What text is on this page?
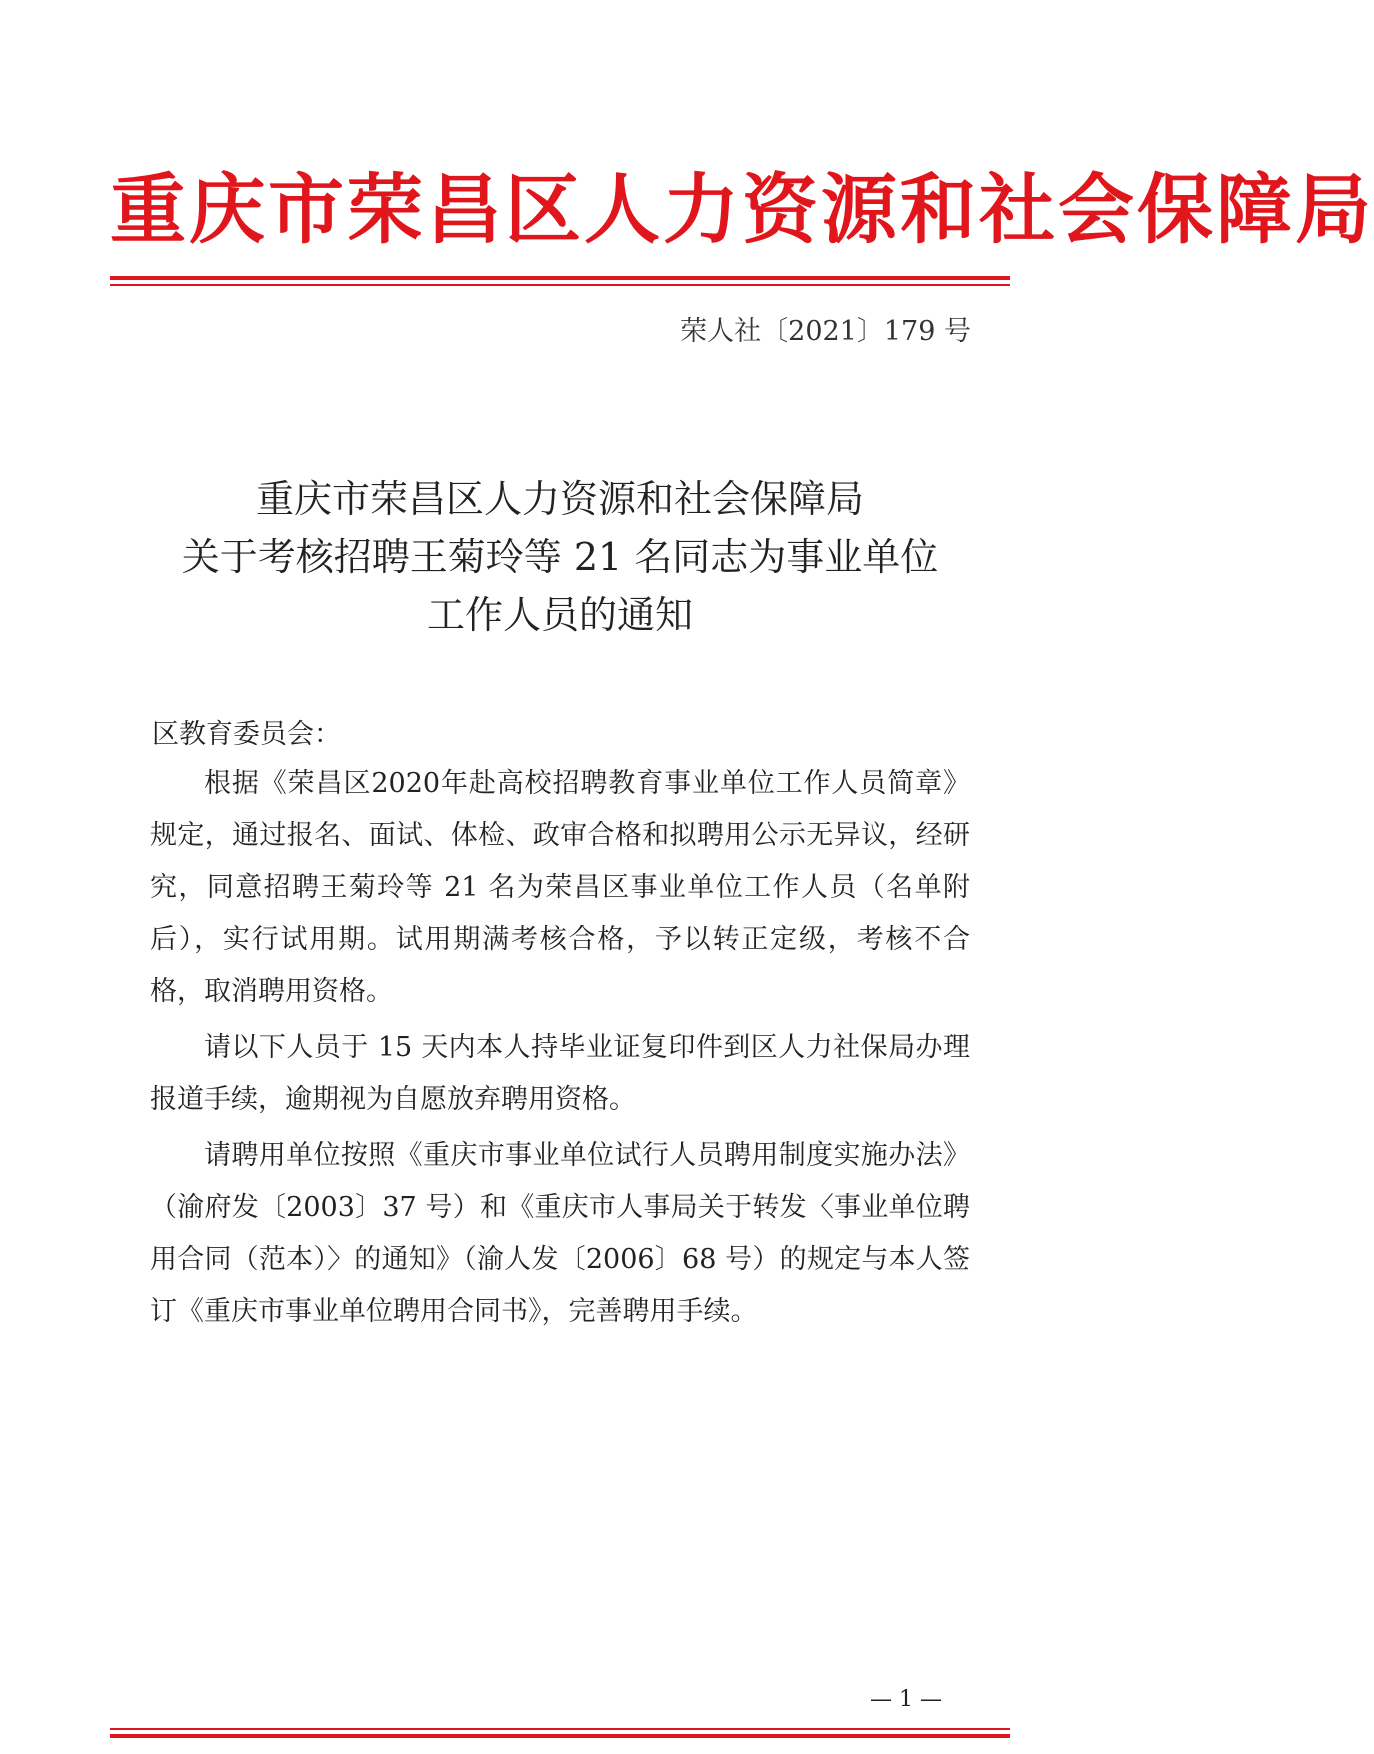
重庆市荣昌区人力资源和社会保障局
荣人社〔2021〕179 号
重庆市荣昌区人力资源和社会保障局
关于考核招聘王菊玲等 21 名同志为事业单位
工作人员的通知
区教育委员会：

根据《荣昌区2020年赴高校招聘教育事业单位工作人员简章》规定，通过报名、面试、体检、政审合格和拟聘用公示无异议，经研究，同意招聘王菊玲等 21 名为荣昌区事业单位工作人员（名单附后），实行试用期。试用期满考核合格，予以转正定级，考核不合格，取消聘用资格。

请以下人员于 15 天内本人持毕业证复印件到区人力社保局办理报道手续，逾期视为自愿放弃聘用资格。

请聘用单位按照《重庆市事业单位试行人员聘用制度实施办法》（渝府发〔2003〕37 号）和《重庆市人事局关于转发〈事业单位聘用合同（范本）〉的通知》（渝人发〔2006〕68 号）的规定与本人签订《重庆市事业单位聘用合同书》，完善聘用手续。

— 1 —
